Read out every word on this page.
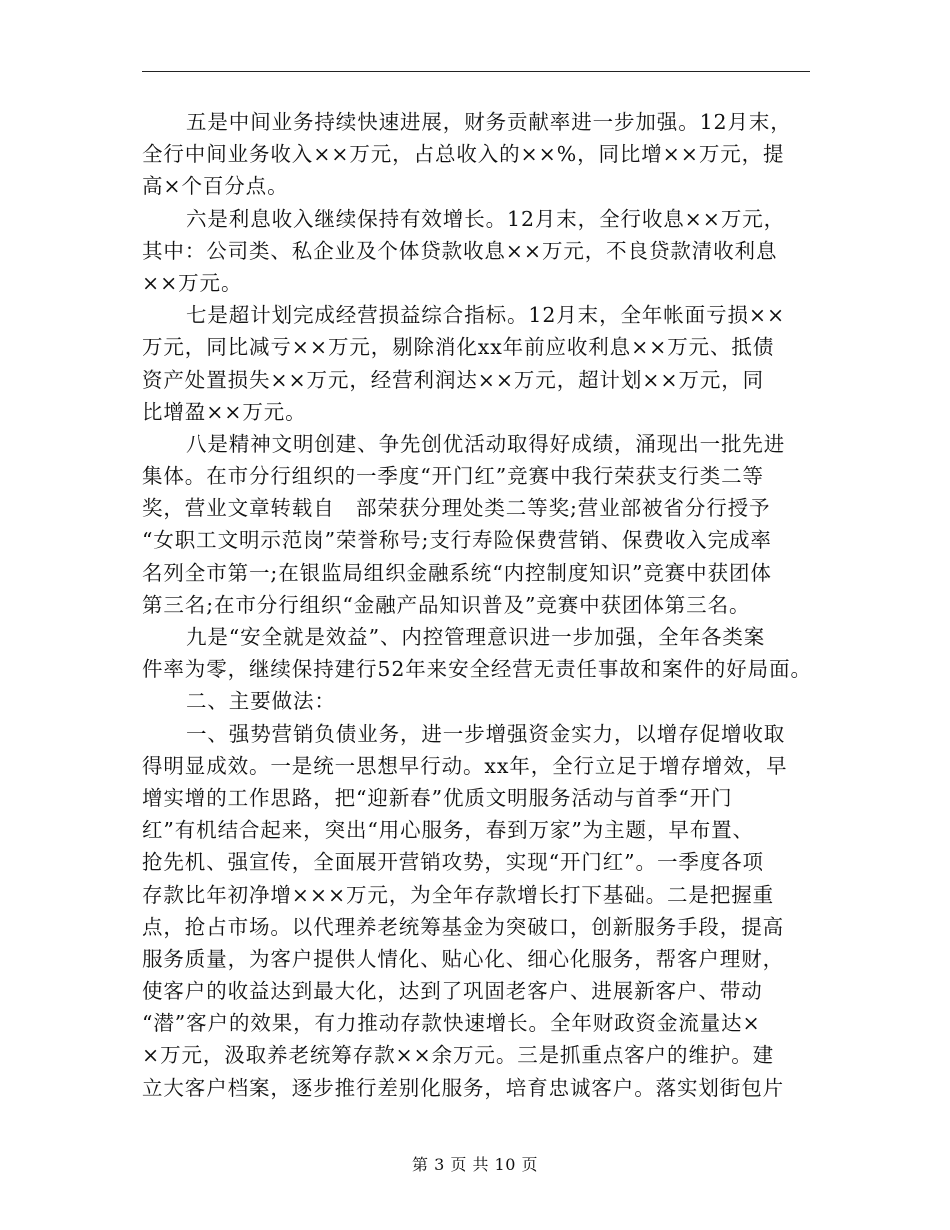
五是中间业务持续快速进展，财务贡献率进一步加强。12月末，
全行中间业务收入××万元，占总收入的××%，同比增××万元，提
高×个百分点。
六是利息收入继续保持有效增长。12月末，全行收息××万元，
其中：公司类、私企业及个体贷款收息××万元，不良贷款清收利息
××万元。
七是超计划完成经营损益综合指标。12月末，全年帐面亏损××
万元，同比减亏××万元，剔除消化xx年前应收利息××万元、抵债
资产处置损失××万元，经营利润达××万元，超计划××万元，同
比增盈××万元。
八是精神文明创建、争先创优活动取得好成绩，涌现出一批先进
集体。在市分行组织的一季度“开门红”竞赛中我行荣获支行类二等
奖，营业文章转载自　部荣获分理处类二等奖;营业部被省分行授予
“女职工文明示范岗”荣誉称号;支行寿险保费营销、保费收入完成率
名列全市第一;在银监局组织金融系统“内控制度知识”竞赛中获团体
第三名;在市分行组织“金融产品知识普及”竞赛中获团体第三名。
九是“安全就是效益”、内控管理意识进一步加强，全年各类案
件率为零，继续保持建行52年来安全经营无责任事故和案件的好局面。
二、主要做法：
一、强势营销负债业务，进一步增强资金实力，以增存促增收取
得明显成效。一是统一思想早行动。xx年，全行立足于增存增效，早
增实增的工作思路，把“迎新春”优质文明服务活动与首季“开门
红”有机结合起来，突出“用心服务，春到万家”为主题，早布置、
抢先机、强宣传，全面展开营销攻势，实现“开门红”。一季度各项
存款比年初净增×××万元，为全年存款增长打下基础。二是把握重
点，抢占市场。以代理养老统筹基金为突破口，创新服务手段，提高
服务质量，为客户提供人情化、贴心化、细心化服务，帮客户理财，
使客户的收益达到最大化，达到了巩固老客户、进展新客户、带动
“潜”客户的效果，有力推动存款快速增长。全年财政资金流量达×
×万元，汲取养老统筹存款××余万元。三是抓重点客户的维护。建
立大客户档案，逐步推行差别化服务，培育忠诚客户。落实划街包片
第 3 页 共 10 页
